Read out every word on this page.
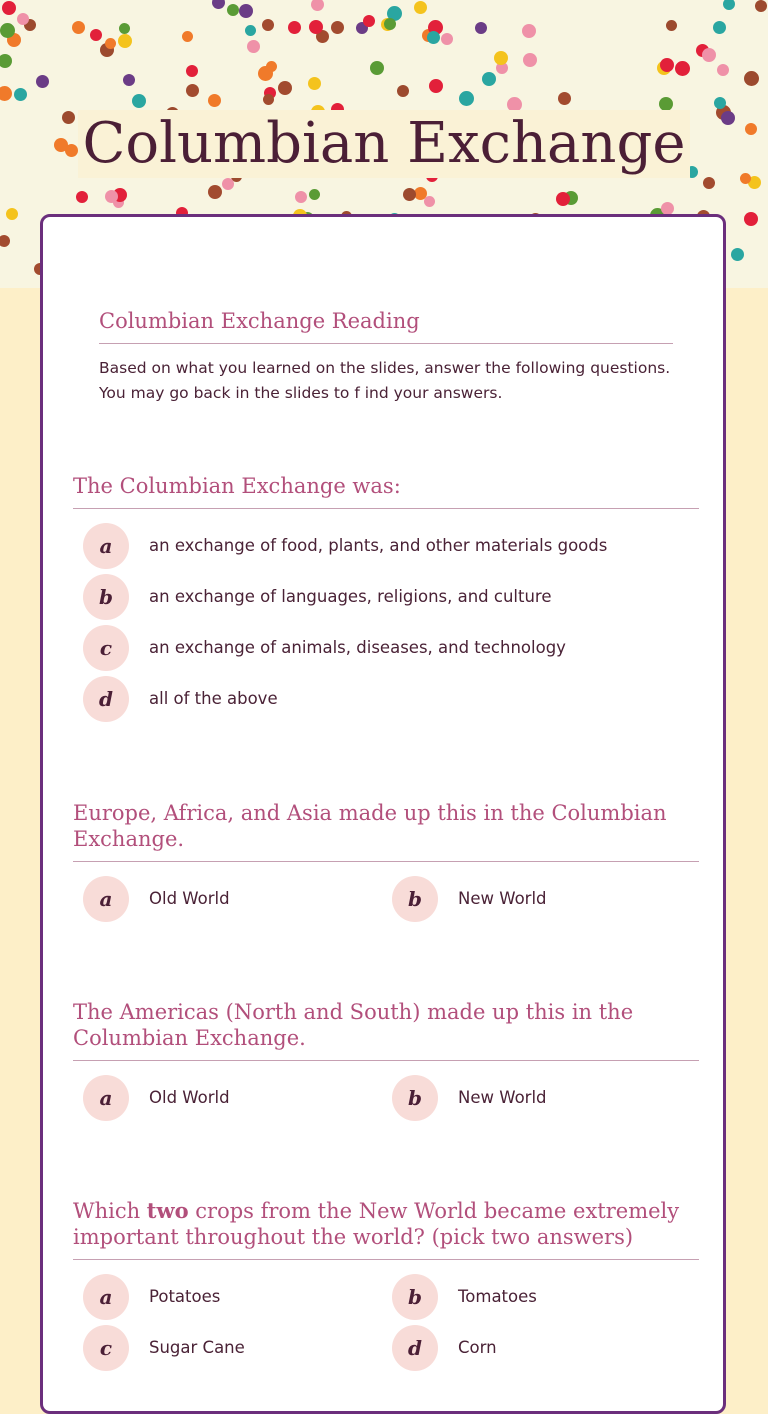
Columbian Exchange
Columbian Exchange Reading

Based on what you learned on the slides, answer the following questions. You may go back in the slides to f ind your answers.

The Columbian Exchange was:
a	an exchange of food, plants, and other materials goods
b	an exchange of languages, religions, and culture
c	an exchange of animals, diseases, and technology
d	all of the above
Europe, Africa, and Asia made up this in the Columbian Exchange.
a	Old World	b	New World
The Americas (North and South) made up this in the Columbian Exchange.
a	Old World	b	New World
Which two crops from the New World became extremely important throughout the world? (pick two answers)
a	Potatoes	b	Tomatoes
c	Sugar Cane	d	Corn
